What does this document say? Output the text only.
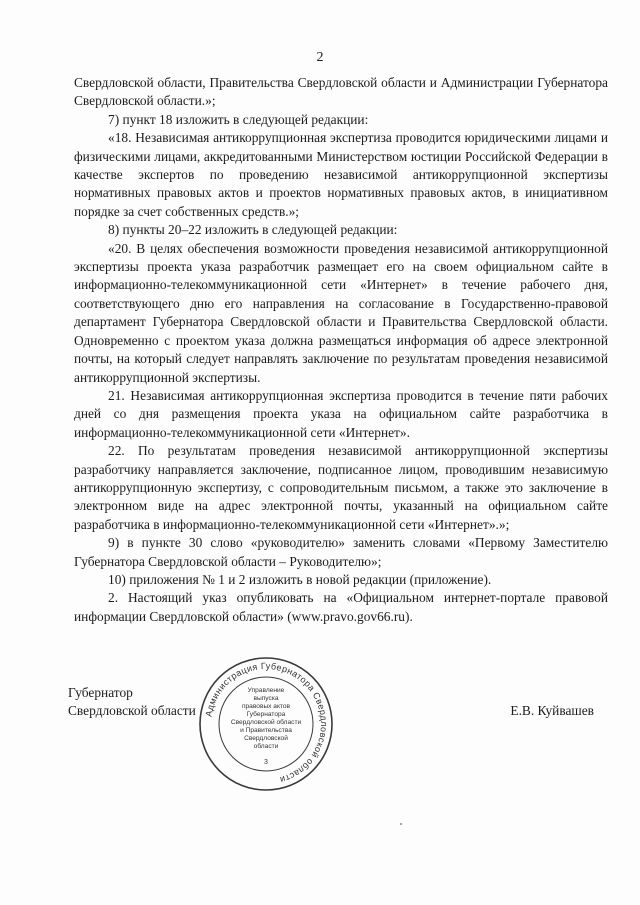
2

Свердловской области, Правительства Свердловской области и Администрации Губернатора Свердловской области.»;

7) пункт 18 изложить в следующей редакции:

«18. Независимая антикоррупционная экспертиза проводится юридическими лицами и физическими лицами, аккредитованными Министерством юстиции Российской Федерации в качестве экспертов по проведению независимой антикоррупционной экспертизы нормативных правовых актов и проектов нормативных правовых актов, в инициативном порядке за счет собственных средств.»;

8) пункты 20–22 изложить в следующей редакции:

«20. В целях обеспечения возможности проведения независимой антикоррупционной экспертизы проекта указа разработчик размещает его на своем официальном сайте в информационно-телекоммуникационной сети «Интернет» в течение рабочего дня, соответствующего дню его направления на согласование в Государственно-правовой департамент Губернатора Свердловской области и Правительства Свердловской области. Одновременно с проектом указа должна размещаться информация об адресе электронной почты, на который следует направлять заключение по результатам проведения независимой антикоррупционной экспертизы.

21. Независимая антикоррупционная экспертиза проводится в течение пяти рабочих дней со дня размещения проекта указа на официальном сайте разработчика в информационно-телекоммуникационной сети «Интернет».

22. По результатам проведения независимой антикоррупционной экспертизы разработчику направляется заключение, подписанное лицом, проводившим независимую антикоррупционную экспертизу, с сопроводительным письмом, а также это заключение в электронном виде на адрес электронной почты, указанный на официальном сайте разработчика в информационно-телекоммуникационной сети «Интернет».»;

9) в пункте 30 слово «руководителю» заменить словами «Первому Заместителю Губернатора Свердловской области – Руководителю»;

10) приложения № 1 и 2 изложить в новой редакции (приложение).

2. Настоящий указ опубликовать на «Официальном интернет-портале правовой информации Свердловской области» (www.pravo.gov66.ru).

Губернатор
Свердловской области	Е.В. Куйвашев
Администрация Губернатора Свердловской области
Управление
выпуска
правовых актов
Губернатора
Свердловской области
и Правительства
Свердловской
области
3
